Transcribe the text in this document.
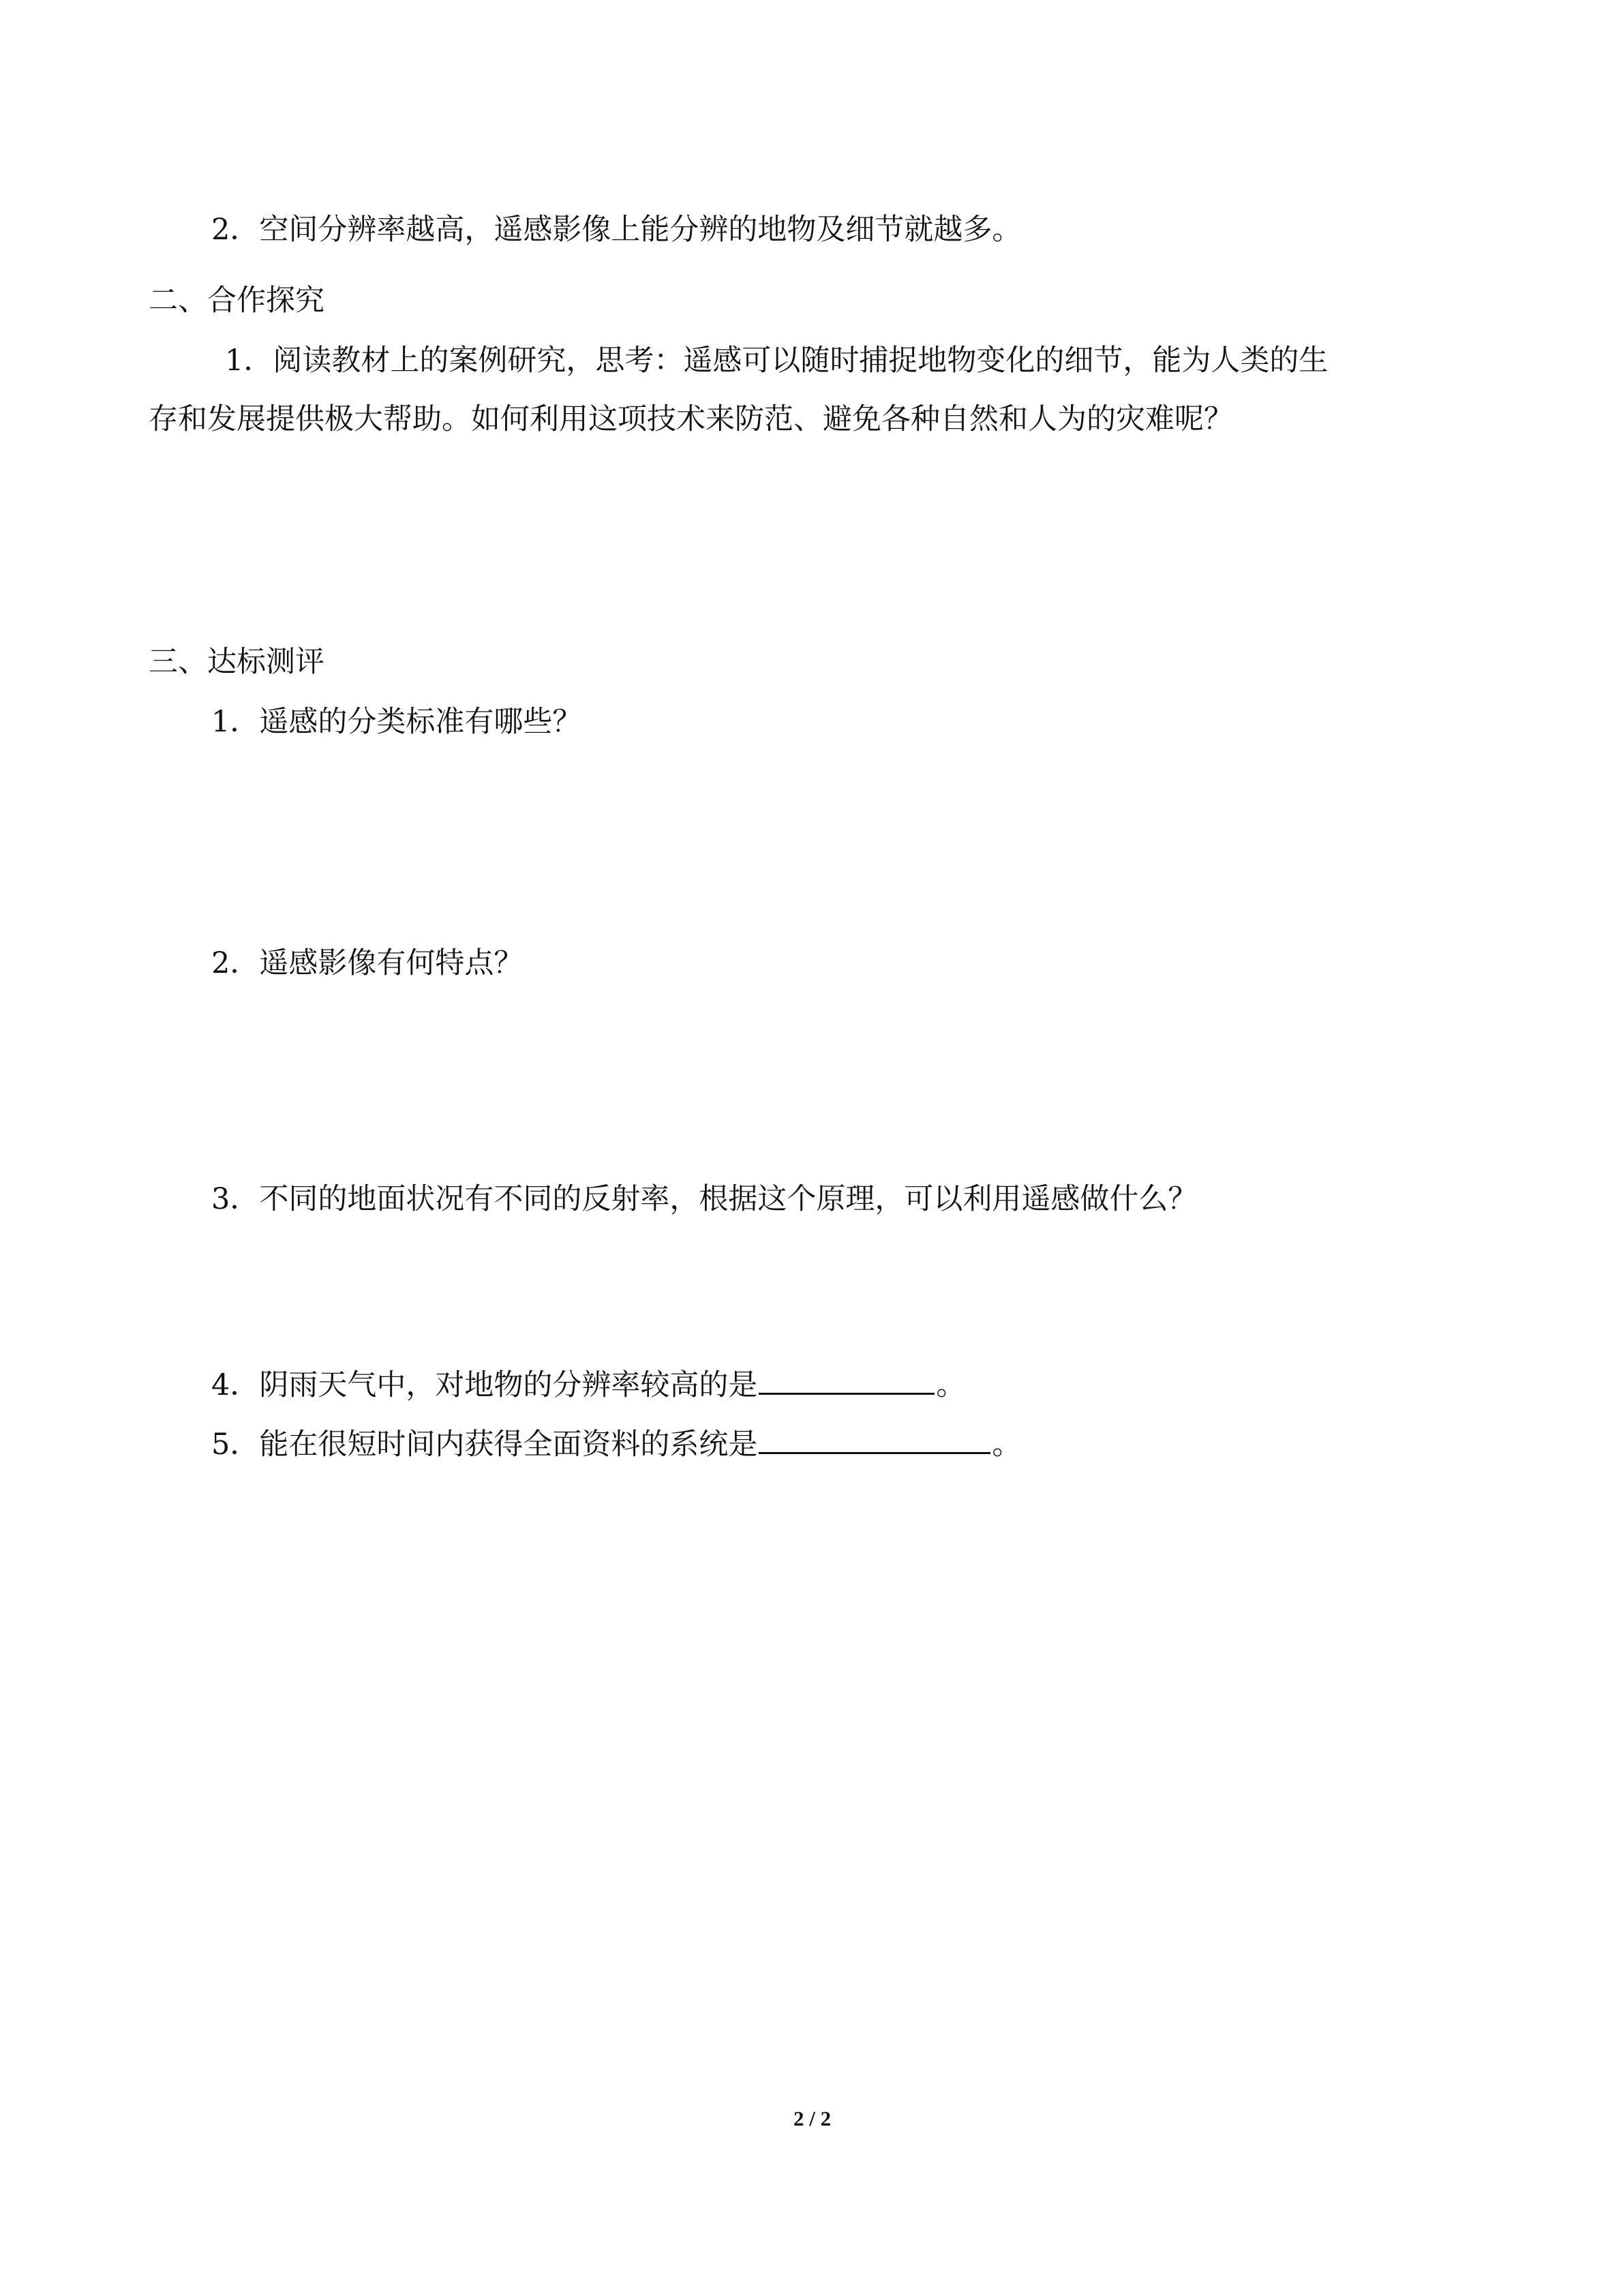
2．空间分辨率越高，遥感影像上能分辨的地物及细节就越多。
二、合作探究
1．阅读教材上的案例研究，思考：遥感可以随时捕捉地物变化的细节，能为人类的生
存和发展提供极大帮助。如何利用这项技术来防范、避免各种自然和人为的灾难呢？
三、达标测评
1．遥感的分类标准有哪些？
2．遥感影像有何特点？
3．不同的地面状况有不同的反射率，根据这个原理，可以利用遥感做什么？
4．阴雨天气中，对地物的分辨率较高的是	。
5．能在很短时间内获得全面资料的系统是	。
2 / 2
